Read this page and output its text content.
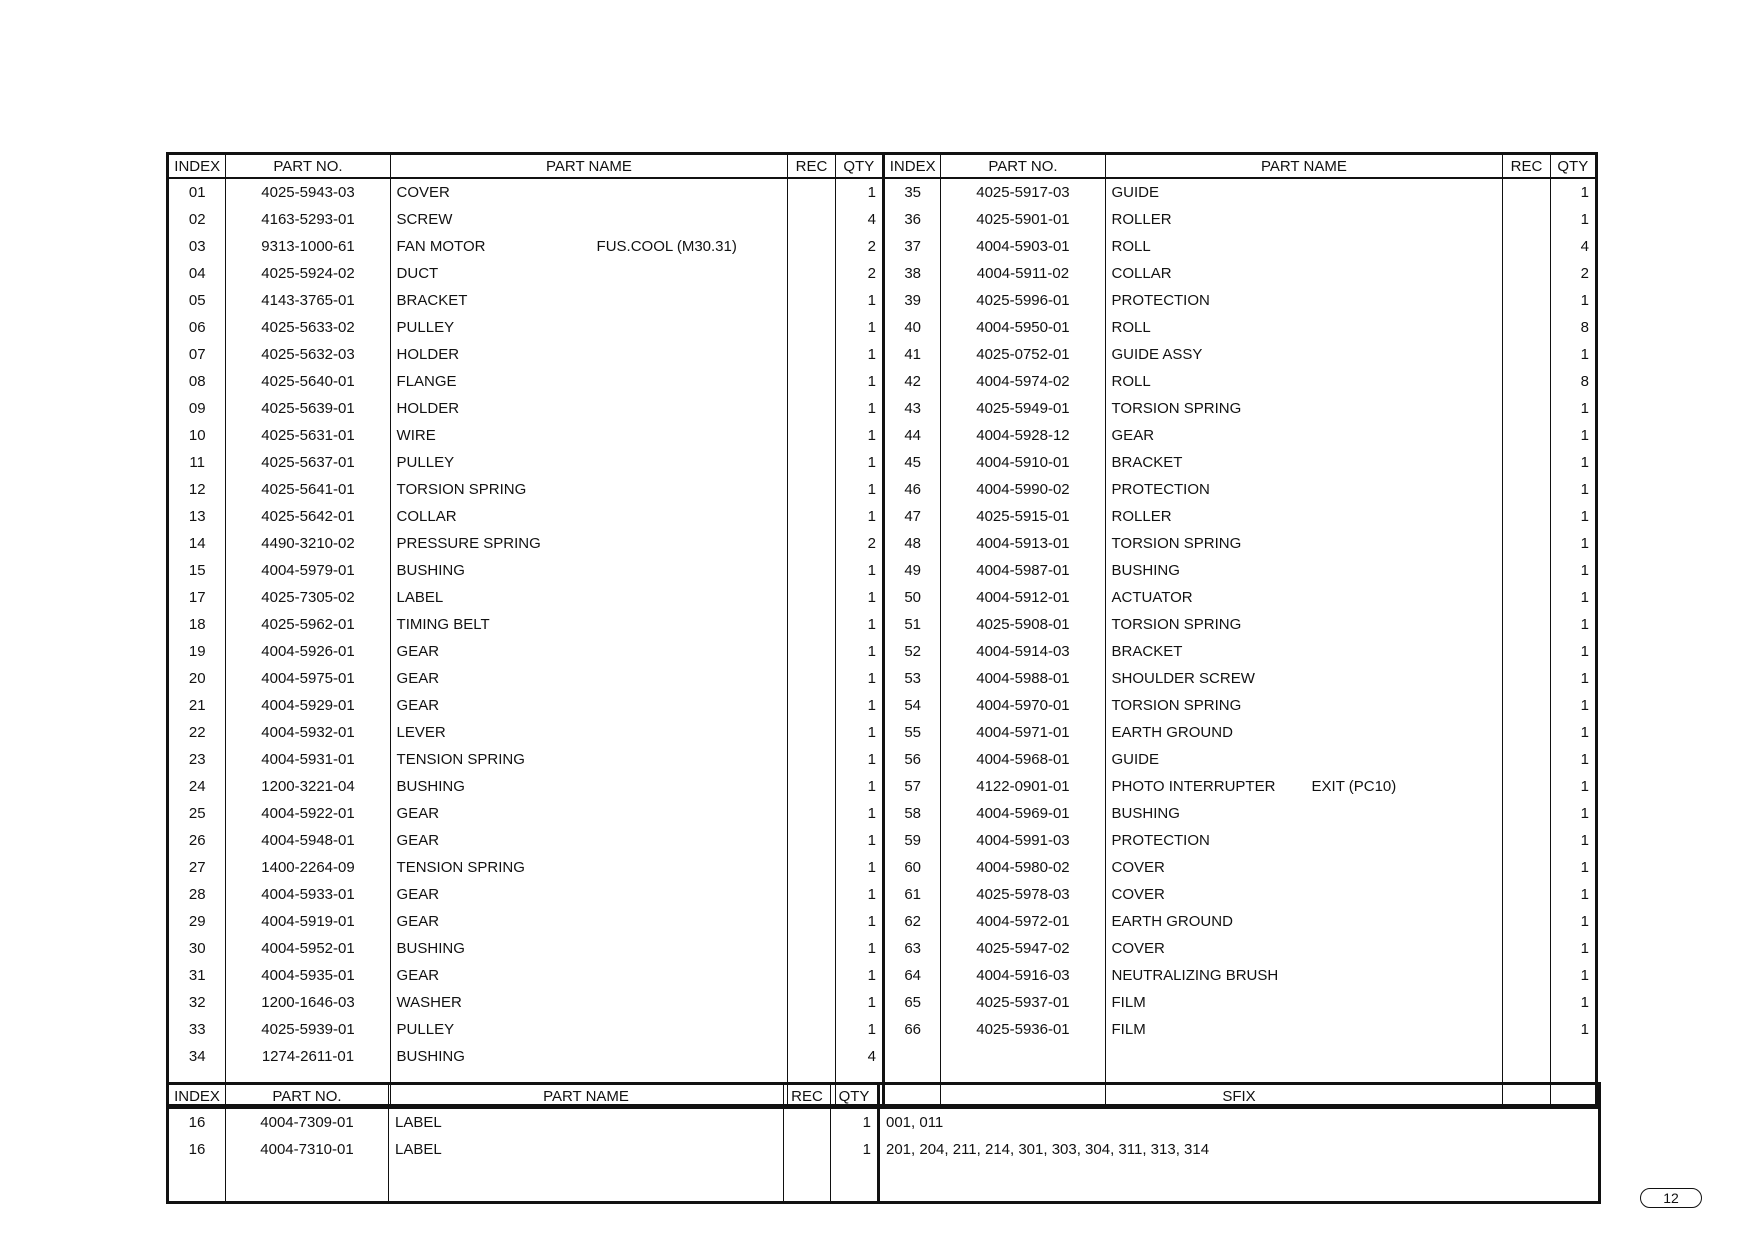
INDEX	PART NO.	PART NAME	REC	QTY	INDEX	PART NO.	PART NAME	REC	QTY
01	4025-5943-03	COVER		1	35	4025-5917-03	GUIDE		1
02	4163-5293-01	SCREW		4	36	4025-5901-01	ROLLER		1
03	9313-1000-61	FAN MOTOR FUS.COOL (M30.31)		2	37	4004-5903-01	ROLL		4
04	4025-5924-02	DUCT		2	38	4004-5911-02	COLLAR		2
05	4143-3765-01	BRACKET		1	39	4025-5996-01	PROTECTION		1
06	4025-5633-02	PULLEY		1	40	4004-5950-01	ROLL		8
07	4025-5632-03	HOLDER		1	41	4025-0752-01	GUIDE ASSY		1
08	4025-5640-01	FLANGE		1	42	4004-5974-02	ROLL		8
09	4025-5639-01	HOLDER		1	43	4025-5949-01	TORSION SPRING		1
10	4025-5631-01	WIRE		1	44	4004-5928-12	GEAR		1
11	4025-5637-01	PULLEY		1	45	4004-5910-01	BRACKET		1
12	4025-5641-01	TORSION SPRING		1	46	4004-5990-02	PROTECTION		1
13	4025-5642-01	COLLAR		1	47	4025-5915-01	ROLLER		1
14	4490-3210-02	PRESSURE SPRING		2	48	4004-5913-01	TORSION SPRING		1
15	4004-5979-01	BUSHING		1	49	4004-5987-01	BUSHING		1
17	4025-7305-02	LABEL		1	50	4004-5912-01	ACTUATOR		1
18	4025-5962-01	TIMING BELT		1	51	4025-5908-01	TORSION SPRING		1
19	4004-5926-01	GEAR		1	52	4004-5914-03	BRACKET		1
20	4004-5975-01	GEAR		1	53	4004-5988-01	SHOULDER SCREW		1
21	4004-5929-01	GEAR		1	54	4004-5970-01	TORSION SPRING		1
22	4004-5932-01	LEVER		1	55	4004-5971-01	EARTH GROUND		1
23	4004-5931-01	TENSION SPRING		1	56	4004-5968-01	GUIDE		1
24	1200-3221-04	BUSHING		1	57	4122-0901-01	PHOTO INTERRUPTER EXIT (PC10)		1
25	4004-5922-01	GEAR		1	58	4004-5969-01	BUSHING		1
26	4004-5948-01	GEAR		1	59	4004-5991-03	PROTECTION		1
27	1400-2264-09	TENSION SPRING		1	60	4004-5980-02	COVER		1
28	4004-5933-01	GEAR		1	61	4025-5978-03	COVER		1
29	4004-5919-01	GEAR		1	62	4004-5972-01	EARTH GROUND		1
30	4004-5952-01	BUSHING		1	63	4025-5947-02	COVER		1
31	4004-5935-01	GEAR		1	64	4004-5916-03	NEUTRALIZING BRUSH		1
32	1200-1646-03	WASHER		1	65	4025-5937-01	FILM		1
33	4025-5939-01	PULLEY		1	66	4025-5936-01	FILM		1
34	1274-2611-01	BUSHING		4					

INDEX	PART NO.	PART NAME	REC	QTY	SFIX
16	4004-7309-01	LABEL		1	001, 011
16	4004-7310-01	LABEL		1	201, 204, 211, 214, 301, 303, 304, 311, 313, 314

12
